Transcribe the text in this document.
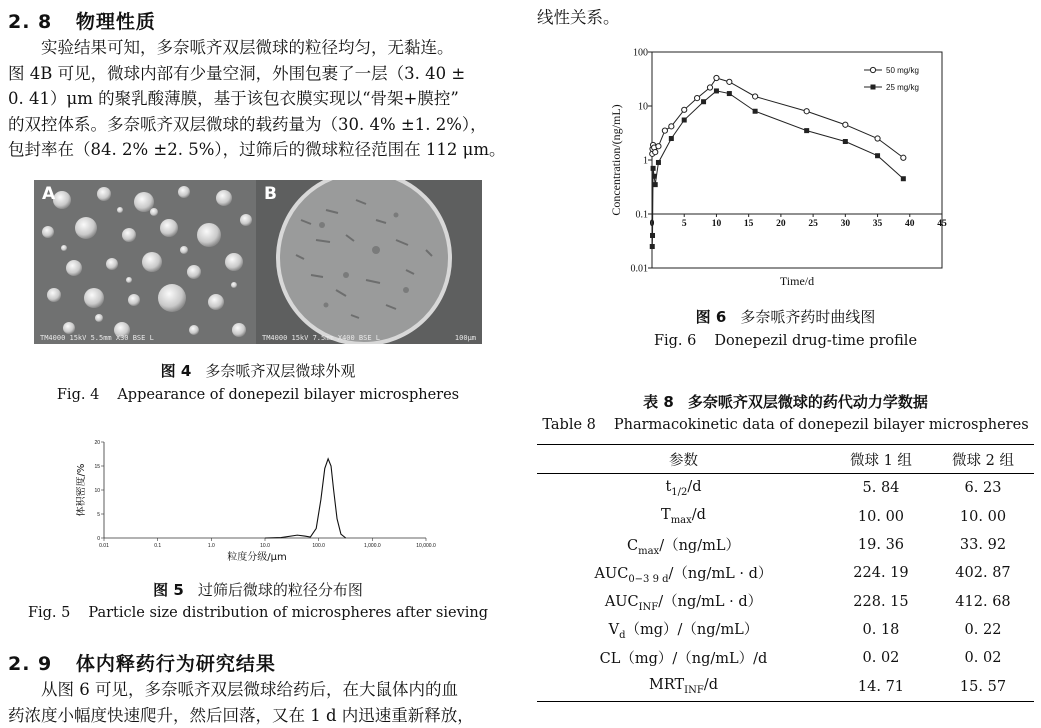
2. 8 物理性质
实验结果可知，多奈哌齐双层微球的粒径均匀，无黏连。
图 4B 可见，微球内部有少量空洞，外围包裹了一层（3. 40 ±
0. 41）μm 的聚乳酸薄膜，基于该包衣膜实现以“骨架+膜控”
的双控体系。多奈哌齐双层微球的载药量为（30. 4% ±1. 2%），
包封率在（84. 2% ±2. 5%），过筛后的微球粒径范围在 112 μm。
A
TM4000 15kV 5.5mm X30 BSE L
B
TM4000 15kV 7.5mm X400 BSE L	100μm
图 4 多奈哌齐双层微球外观
Fig. 4 Appearance of donepezil bilayer microspheres
20
15
10
5
0
0.01	0.1	1.0	10.0	100.0	1,000.0	10,000.0
粒度分级/μm
体积密度/%
图 5 过筛后微球的粒径分布图
Fig. 5 Particle size distribution of microspheres after sieving
2. 9 体内释药行为研究结果
从图 6 可见，多奈哌齐双层微球给药后，在大鼠体内的血
药浓度小幅度快速爬升，然后回落，又在 1 d 内迅速重新释放，
线性关系。
100
10
1
0.1
0.01
0	5	10 15 20 25 30 35 40 45
Time/d
Concentration/(ng/mL)
50 mg/kg
25 mg/kg
图 6 多奈哌齐药时曲线图
Fig. 6 Donepezil drug-time profile
表 8 多奈哌齐双层微球的药代动力学数据
Table 8 Pharmacokinetic data of donepezil bilayer microspheres
参数	微球 1 组	微球 2 组
$t_{1/2}/d$	5. 84	6. 23
$T_{max}/d$	10. 00	10. 00
$C_{max}/(ng/mL)$	19. 36	33. 92
$AUC_{0-3 9 d}/(ng/mL \cdot d)$	224. 19	402. 87
$AUC_{INF}/(ng/mL \cdot d)$	228. 15	412. 68
$V_d(mg)/(ng/mL)$	0. 18	0. 22
CL（mg）/（ng/mL）/d	0. 02	0. 02
$MRT_{INF}/d$	14. 71	15. 57
